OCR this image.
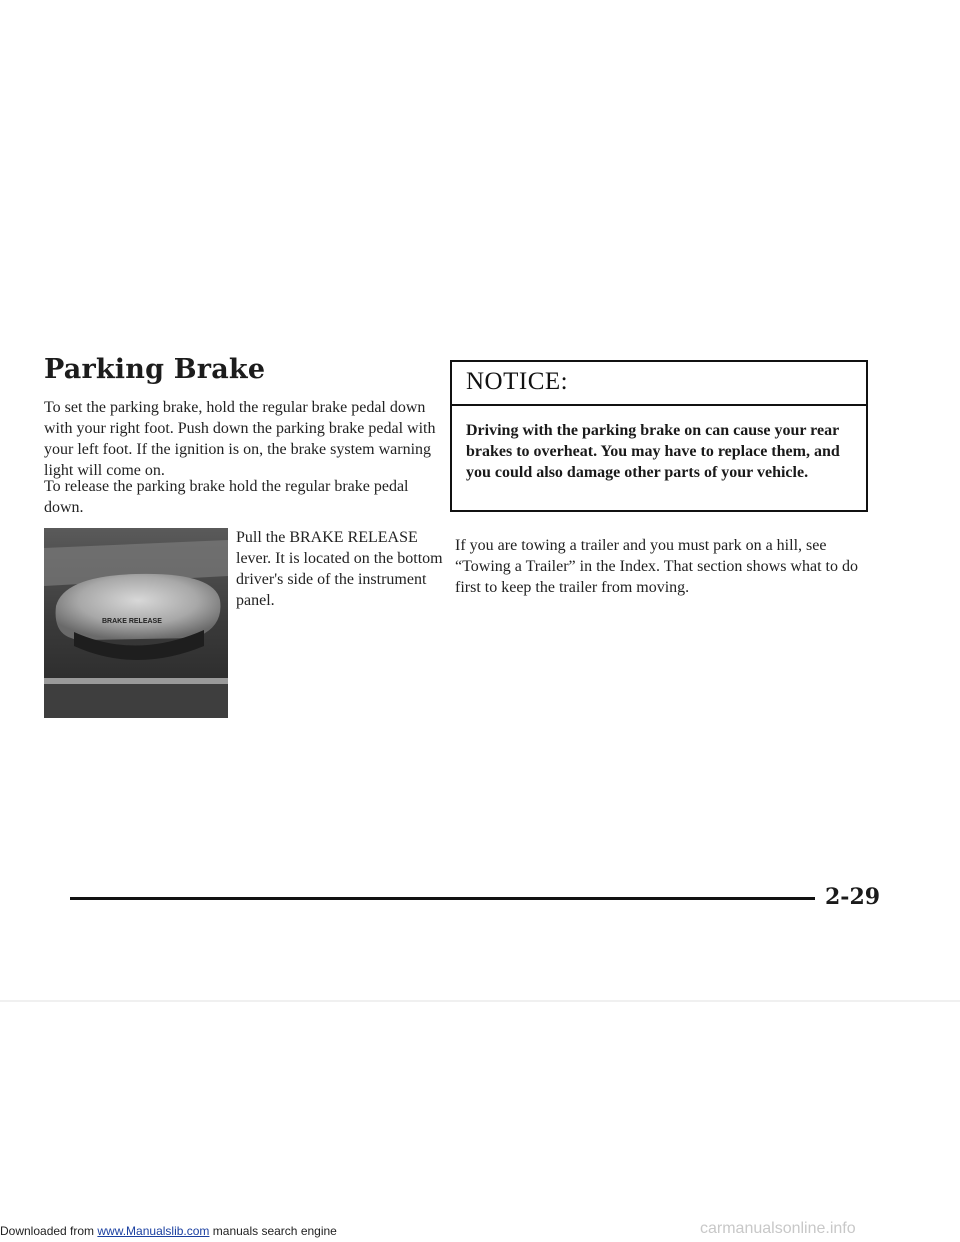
Parking Brake

To set the parking brake, hold the regular brake pedal down with your right foot. Push down the parking brake pedal with your left foot. If the ignition is on, the brake system warning light will come on.

To release the parking brake hold the regular brake pedal down.

BRAKE RELEASE

Pull the BRAKE RELEASE lever. It is located on the bottom driver's side of the instrument panel.

NOTICE:

Driving with the parking brake on can cause your rear brakes to overheat. You may have to replace them, and you could also damage other parts of your vehicle.

If you are towing a trailer and you must park on a hill, see “Towing a Trailer” in the Index. That section shows what to do first to keep the trailer from moving.

2-29

Downloaded from www.Manualslib.com manuals search engine	carmanualsonline.info
